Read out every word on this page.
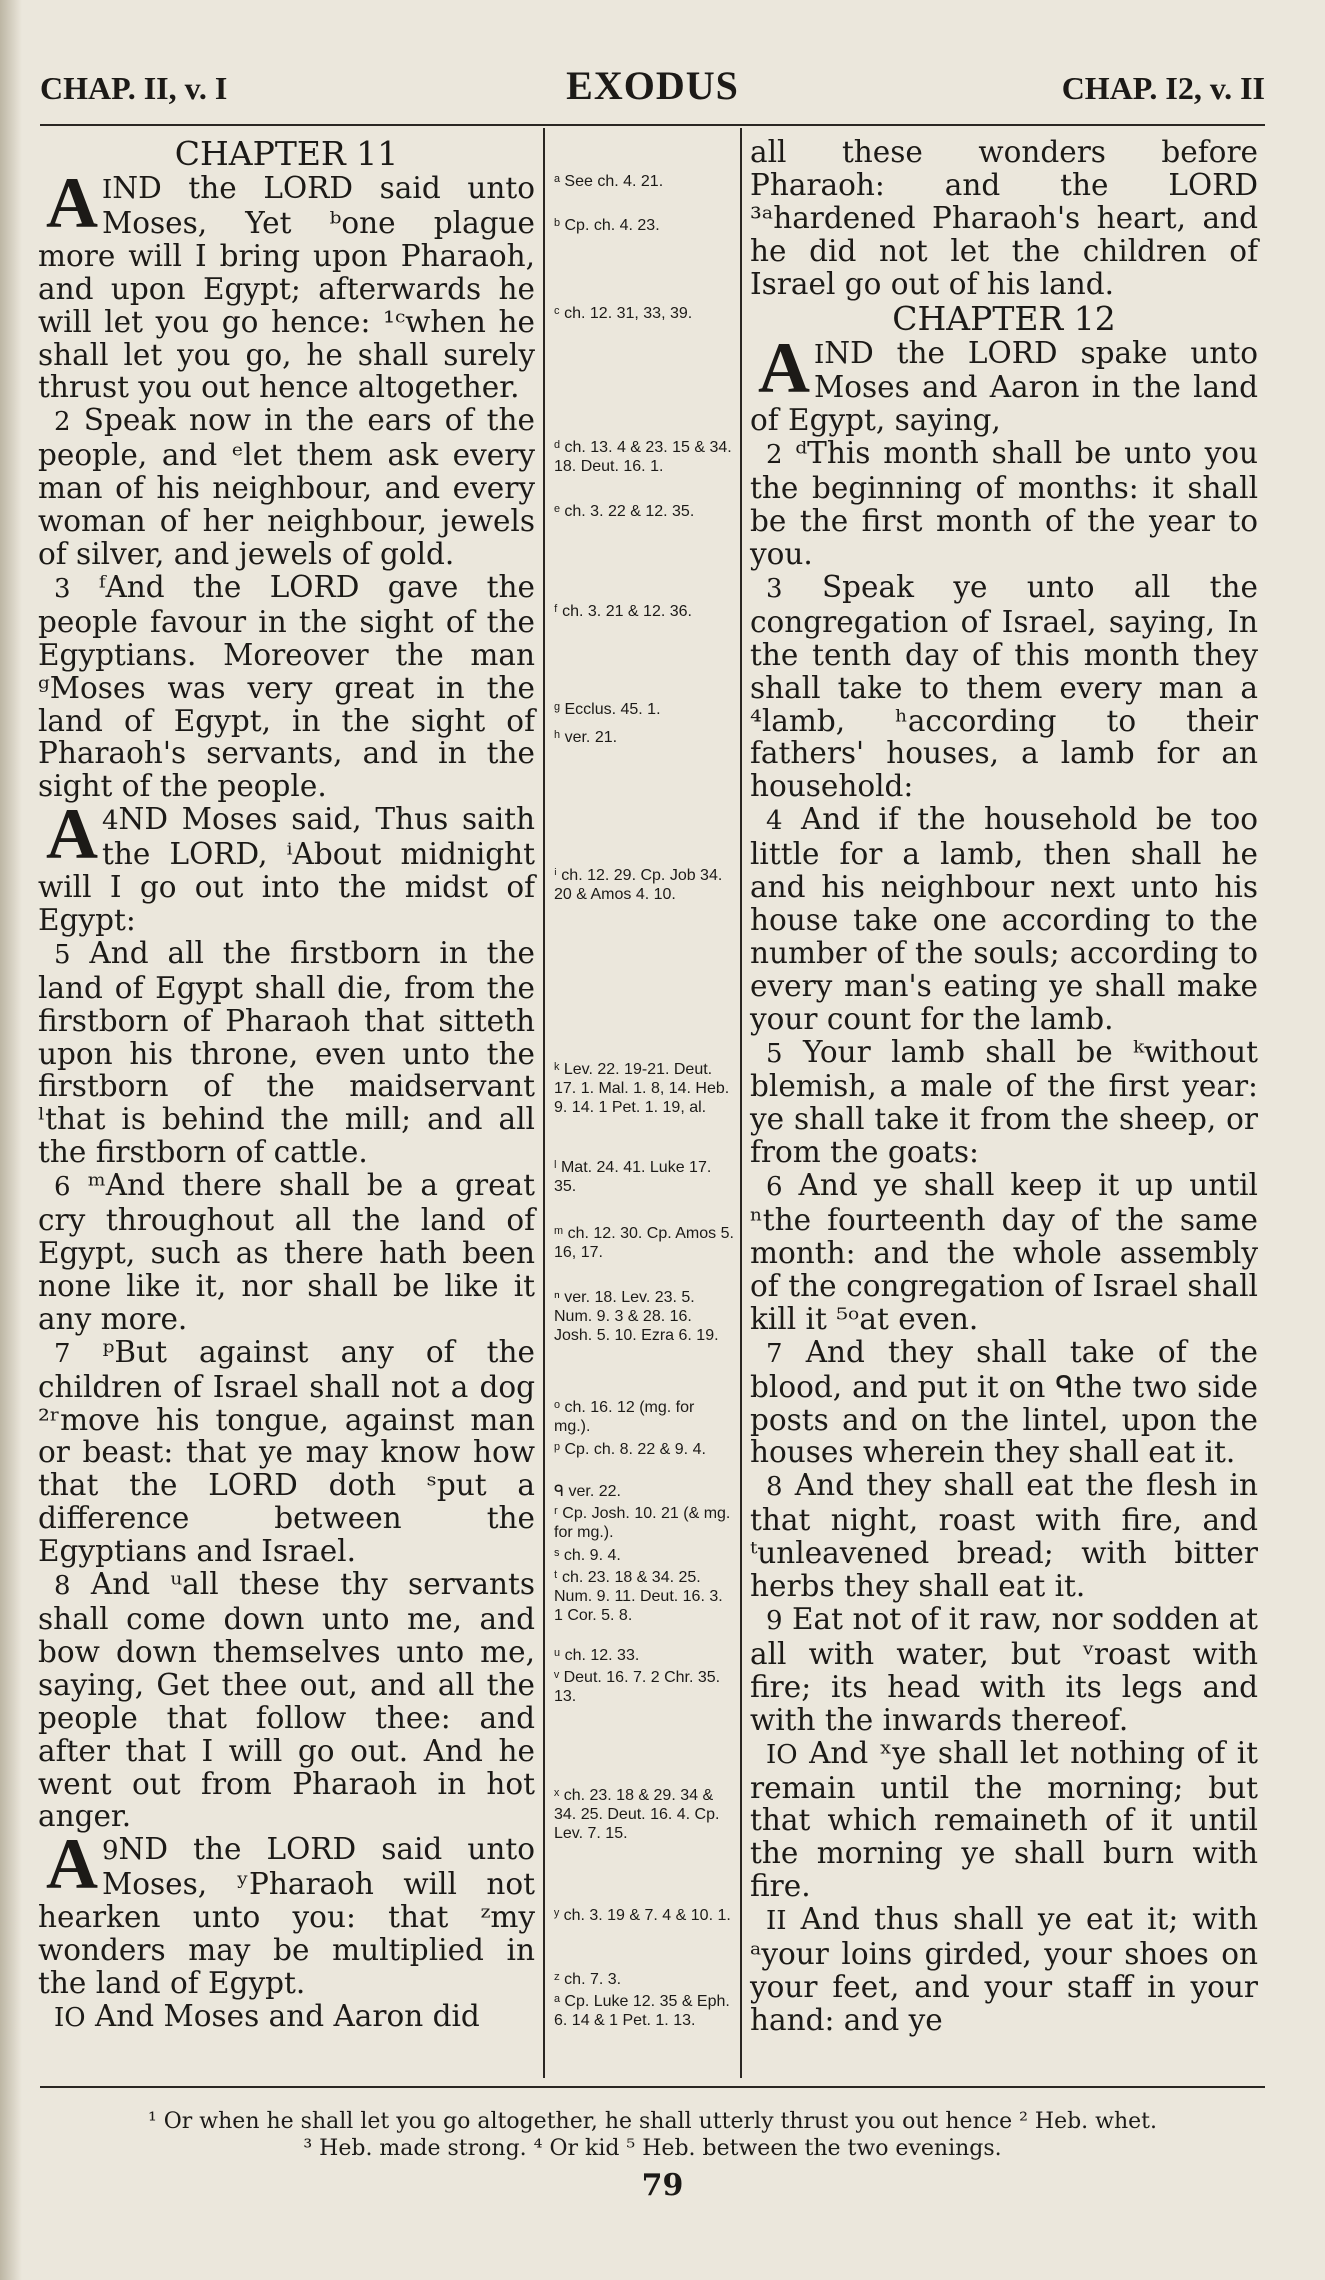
CHAP. II, v. I	EXODUS	CHAP. I2, v. II
CHAPTER 11

I
A ND the LORD said unto Moses, Yet ᵇone plague more will I bring upon Pharaoh, and upon Egypt; afterwards he will let you go hence: ¹ᶜwhen he shall let you go, he shall surely thrust you out hence altogether.

2 Speak now in the ears of the people, and ᵉlet them ask every man of his neighbour, and every woman of her neighbour, jewels of silver, and jewels of gold.

3 ᶠAnd the LORD gave the people favour in the sight of the Egyptians. Moreover the man ᵍMoses was very great in the land of Egypt, in the sight of Pharaoh's servants, and in the sight of the people.

4
A ND Moses said, Thus saith the LORD, ⁱAbout midnight will I go out into the midst of Egypt:

5 And all the firstborn in the land of Egypt shall die, from the firstborn of Pharaoh that sitteth upon his throne, even unto the firstborn of the maidservant ˡthat is behind the mill; and all the firstborn of cattle.

6 ᵐAnd there shall be a great cry throughout all the land of Egypt, such as there hath been none like it, nor shall be like it any more.

7 ᵖBut against any of the children of Israel shall not a dog ²ʳmove his tongue, against man or beast: that ye may know how that the LORD doth ˢput a difference between the Egyptians and Israel.

8 And ᵘall these thy servants shall come down unto me, and bow down themselves unto me, saying, Get thee out, and all the people that follow thee: and after that I will go out. And he went out from Pharaoh in hot anger.

9
A ND the LORD said unto Moses, ʸPharaoh will not hearken unto you: that ᶻmy wonders may be multiplied in the land of Egypt.

IO And Moses and Aaron did

ᵃ See ch. 4. 21.
ᵇ Cp. ch. 4. 23.
ᶜ ch. 12. 31, 33, 39.
ᵈ ch. 13. 4 & 23. 15 & 34. 18. Deut. 16. 1.
ᵉ ch. 3. 22 & 12. 35.
ᶠ ch. 3. 21 & 12. 36.
ᵍ Ecclus. 45. 1.
ʰ ver. 21.
ⁱ ch. 12. 29. Cp. Job 34. 20 & Amos 4. 10.
ᵏ Lev. 22. 19-21. Deut. 17. 1. Mal. 1. 8, 14. Heb. 9. 14. 1 Pet. 1. 19, al.
ˡ Mat. 24. 41. Luke 17. 35.
ᵐ ch. 12. 30. Cp. Amos 5. 16, 17.
ⁿ ver. 18. Lev. 23. 5. Num. 9. 3 & 28. 16. Josh. 5. 10. Ezra 6. 19.
ᵒ ch. 16. 12 (mg. for mg.).
ᵖ Cp. ch. 8. 22 & 9. 4.
ᑫ ver. 22.
ʳ Cp. Josh. 10. 21 (& mg. for mg.).
ˢ ch. 9. 4.
ᵗ ch. 23. 18 & 34. 25. Num. 9. 11. Deut. 16. 3. 1 Cor. 5. 8.
ᵘ ch. 12. 33.
ᵛ Deut. 16. 7. 2 Chr. 35. 13.
ˣ ch. 23. 18 & 29. 34 & 34. 25. Deut. 16. 4. Cp. Lev. 7. 15.
ʸ ch. 3. 19 & 7. 4 & 10. 1.
ᶻ ch. 7. 3.
ᵃ Cp. Luke 12. 35 & Eph. 6. 14 & 1 Pet. 1. 13.

all these wonders before Pharaoh: and the LORD ³ᵃhardened Pharaoh's heart, and he did not let the children of Israel go out of his land.

CHAPTER 12

I
A ND the LORD spake unto Moses and Aaron in the land of Egypt, saying,

2 ᵈThis month shall be unto you the beginning of months: it shall be the first month of the year to you.

3 Speak ye unto all the congregation of Israel, saying, In the tenth day of this month they shall take to them every man a ⁴lamb, ʰaccording to their fathers' houses, a lamb for an household:

4 And if the household be too little for a lamb, then shall he and his neighbour next unto his house take one according to the number of the souls; according to every man's eating ye shall make your count for the lamb.

5 Your lamb shall be ᵏwithout blemish, a male of the first year: ye shall take it from the sheep, or from the goats:

6 And ye shall keep it up until ⁿthe fourteenth day of the same month: and the whole assembly of the congregation of Israel shall kill it ⁵ᵒat even.

7 And they shall take of the blood, and put it on ᑫthe two side posts and on the lintel, upon the houses wherein they shall eat it.

8 And they shall eat the flesh in that night, roast with fire, and ᵗunleavened bread; with bitter herbs they shall eat it.

9 Eat not of it raw, nor sodden at all with water, but ᵛroast with fire; its head with its legs and with the inwards thereof.

IO And ˣye shall let nothing of it remain until the morning; but that which remaineth of it until the morning ye shall burn with fire.

II And thus shall ye eat it; with ᵃyour loins girded, your shoes on your feet, and your staff in your hand: and ye

¹ Or when he shall let you go altogether, he shall utterly thrust you out hence ² Heb. whet.
³ Heb. made strong. ⁴ Or kid ⁵ Heb. between the two evenings.
79
